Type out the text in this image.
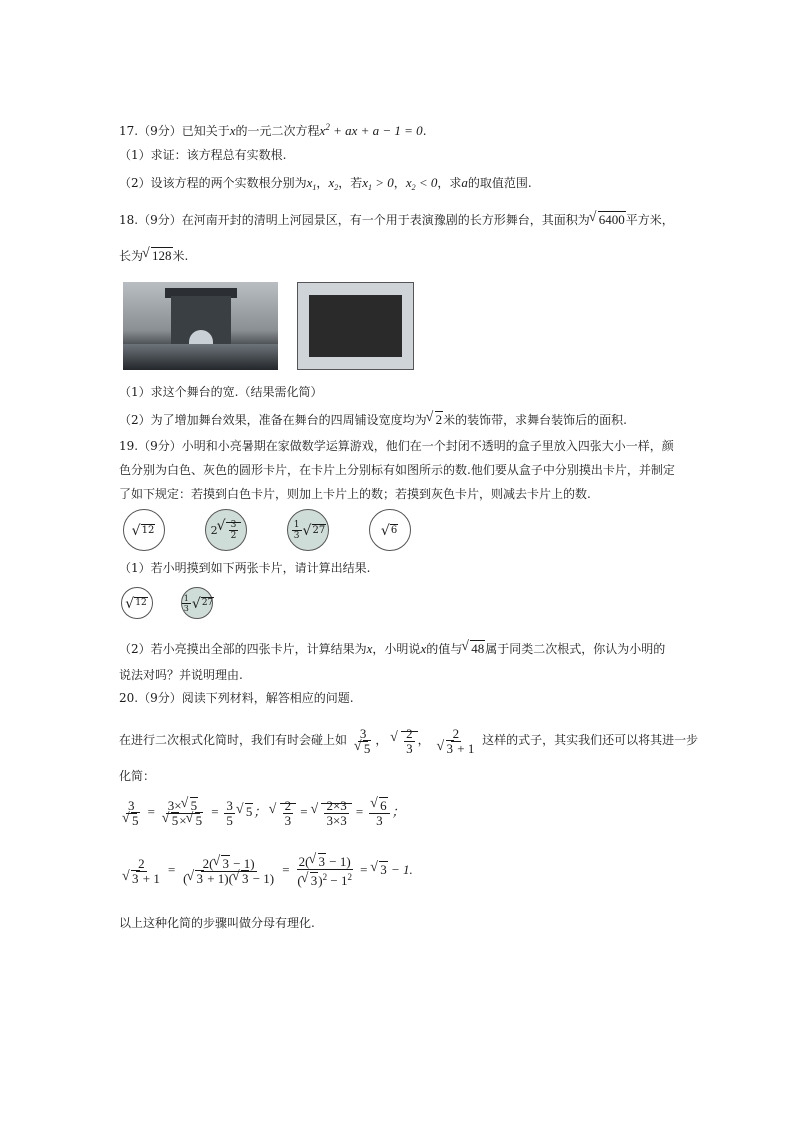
17.（9分）已知关于x的一元二次方程$x^2$ + ax + a − 1 = 0.
（1）求证：该方程总有实数根.
（2）设该方程的两个实数根分别为$x_1$，$x_2$，若$x_1 > 0$，$x_2 < 0$，求a的取值范围.
18.（9分）在河南开封的清明上河园景区，有一个用于表演豫剧的长方形舞台，其面积为 √ 6400平方米，
长为 √ 128米.
（1）求这个舞台的宽.（结果需化简）
（2）为了增加舞台效果，准备在舞台的四周铺设宽度均为 √ 2米的装饰带，求舞台装饰后的面积.
19.（9分）小明和小亮暑期在家做数学运算游戏，他们在一个封闭不透明的盒子里放入四张大小一样，颜
色分别为白色、灰色的圆形卡片，在卡片上分别标有如图所示的数.他们要从盒子中分别摸出卡片，并制定
了如下规定：若摸到白色卡片，则加上卡片上的数；若摸到灰色卡片，则减去卡片上的数.
√ 12	2 √ $\frac{3}{2}$	$\frac{1}{3}$	√ 27	√ 6
（1）若小明摸到如下两张卡片，请计算出结果.
√ 12	$\frac{1}{3}$	√ 27
（2）若小亮摸出全部的四张卡片，计算结果为x，小明说x的值与 √ 48属于同类二次根式，你认为小明的
说法对吗？并说明理由.
20.（9分）阅读下列材料，解答相应的问题.
在进行二次根式化简时，我们有时会碰上如 3
√ 5 ， √ $\frac{2}{3}$ ， 2
√ 3 + 1 这样的式子，其实我们还可以将其进一步
化简：
3
√ 5 = 3× √ 5
√ 5× √ $5 = \frac{3}{5}$ √ 5； √ $\frac{2}{3}$ = √ $\frac{2\times 3}{3\times 3}$ = √ $\frac{6}{3}$ ；
2
√ $3 + 1 = \frac{2( √ 3 - 1)}{( √ 3 + 1)( √ 3 - 1)} = \frac{2( √ 3 - 1)}{( √ 3)^2 - 1^2}$ = √ 3 − 1.
以上这种化简的步骤叫做分母有理化.
